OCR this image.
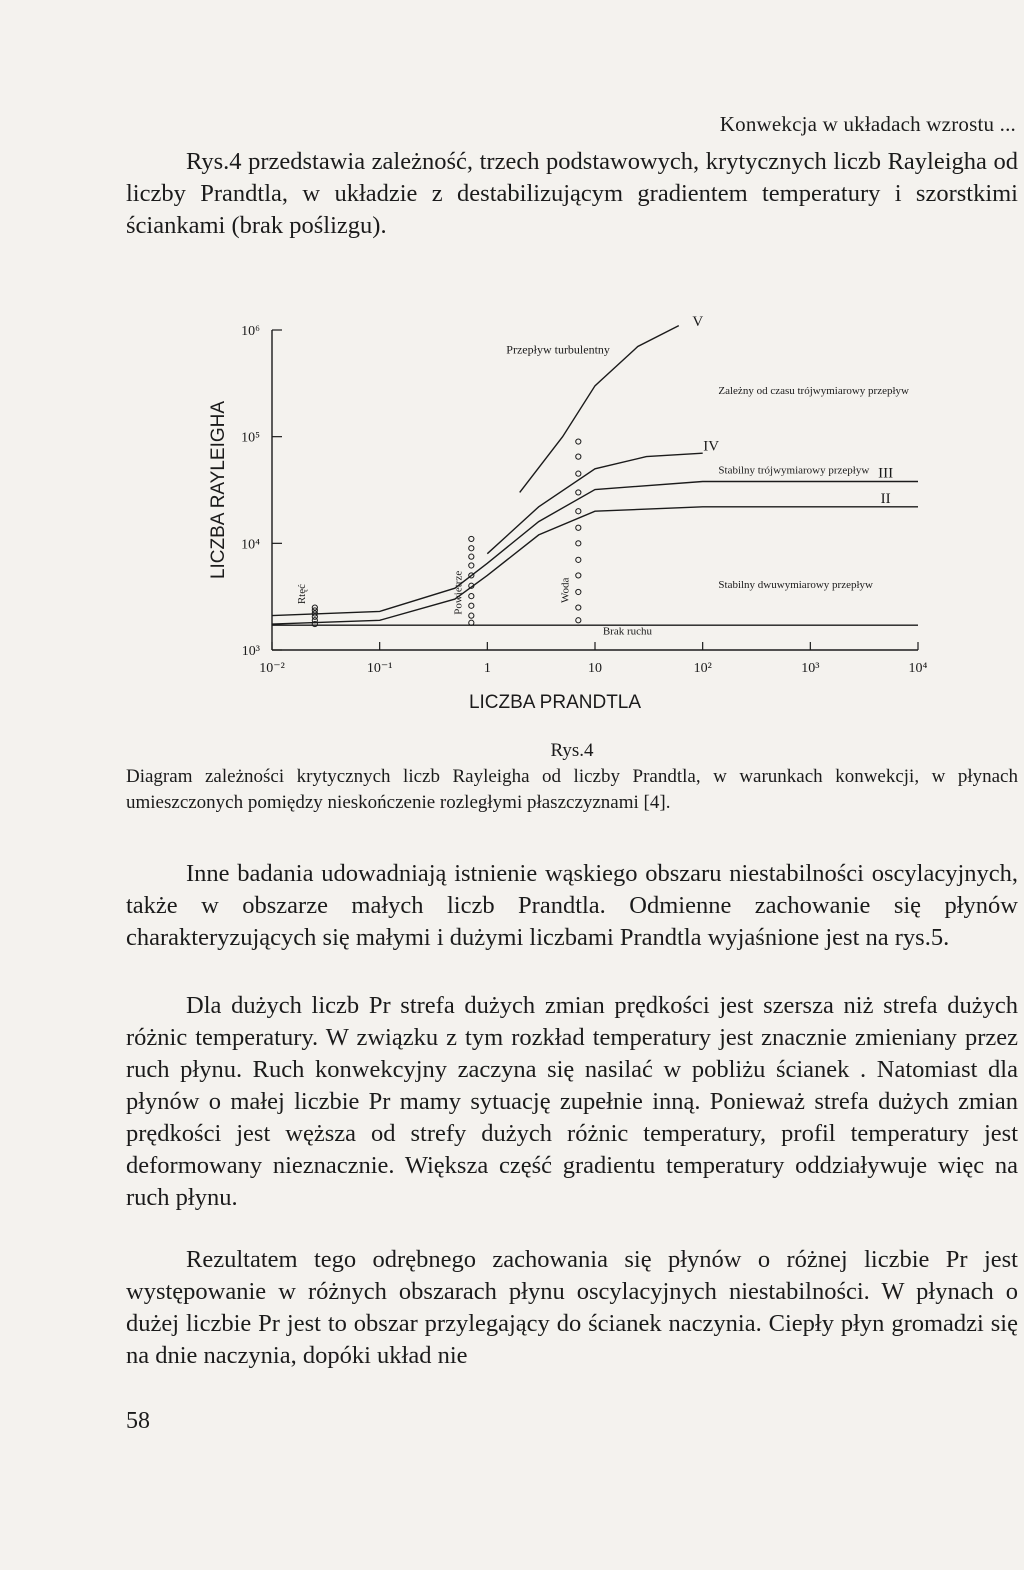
Konwekcja w układach wzrostu ...

Rys.4 przedstawia zależność, trzech podstawowych, krytycznych liczb Rayleigha od liczby Prandtla, w układzie z destabilizującym gradientem temperatury i szorstkimi ściankami (brak poślizgu).

10⁻²	10⁻¹	1	10	10²	10³	10⁴
10³
10⁴
10⁵
10⁶
LICZBA PRANDTLA
LICZBA RAYLEIGHA
Rtęć	Powietrze	Woda
Przepływ turbulentny
Zależny od czasu trójwymiarowy przepływ
Stabilny trójwymiarowy przepływ
Stabilny dwuwymiarowy przepływ
Brak ruchu
V
IV
III
II
Rys.4
Diagram zależności krytycznych liczb Rayleigha od liczby Prandtla, w warunkach konwekcji, w płynach umieszczonych pomiędzy nieskończenie rozległymi płaszczyznami [4].

Inne badania udowadniają istnienie wąskiego obszaru niestabilności oscylacyjnych, także w obszarze małych liczb Prandtla. Odmienne zachowanie się płynów charakteryzujących się małymi i dużymi liczbami Prandtla wyjaśnione jest na rys.5.

Dla dużych liczb Pr strefa dużych zmian prędkości jest szersza niż strefa dużych różnic temperatury. W związku z tym rozkład temperatury jest znacznie zmieniany przez ruch płynu. Ruch konwekcyjny zaczyna się nasilać w pobliżu ścianek . Natomiast dla płynów o małej liczbie Pr mamy sytuację zupełnie inną. Ponieważ strefa dużych zmian prędkości jest węższa od strefy dużych różnic temperatury, profil temperatury jest deformowany nieznacznie. Większa część gradientu temperatury oddziaływuje więc na ruch płynu.

Rezultatem tego odrębnego zachowania się płynów o różnej liczbie Pr jest występowanie w różnych obszarach płynu oscylacyjnych niestabilności. W płynach o dużej liczbie Pr jest to obszar przylegający do ścianek naczynia. Ciepły płyn gromadzi się na dnie naczynia, dopóki układ nie

58
